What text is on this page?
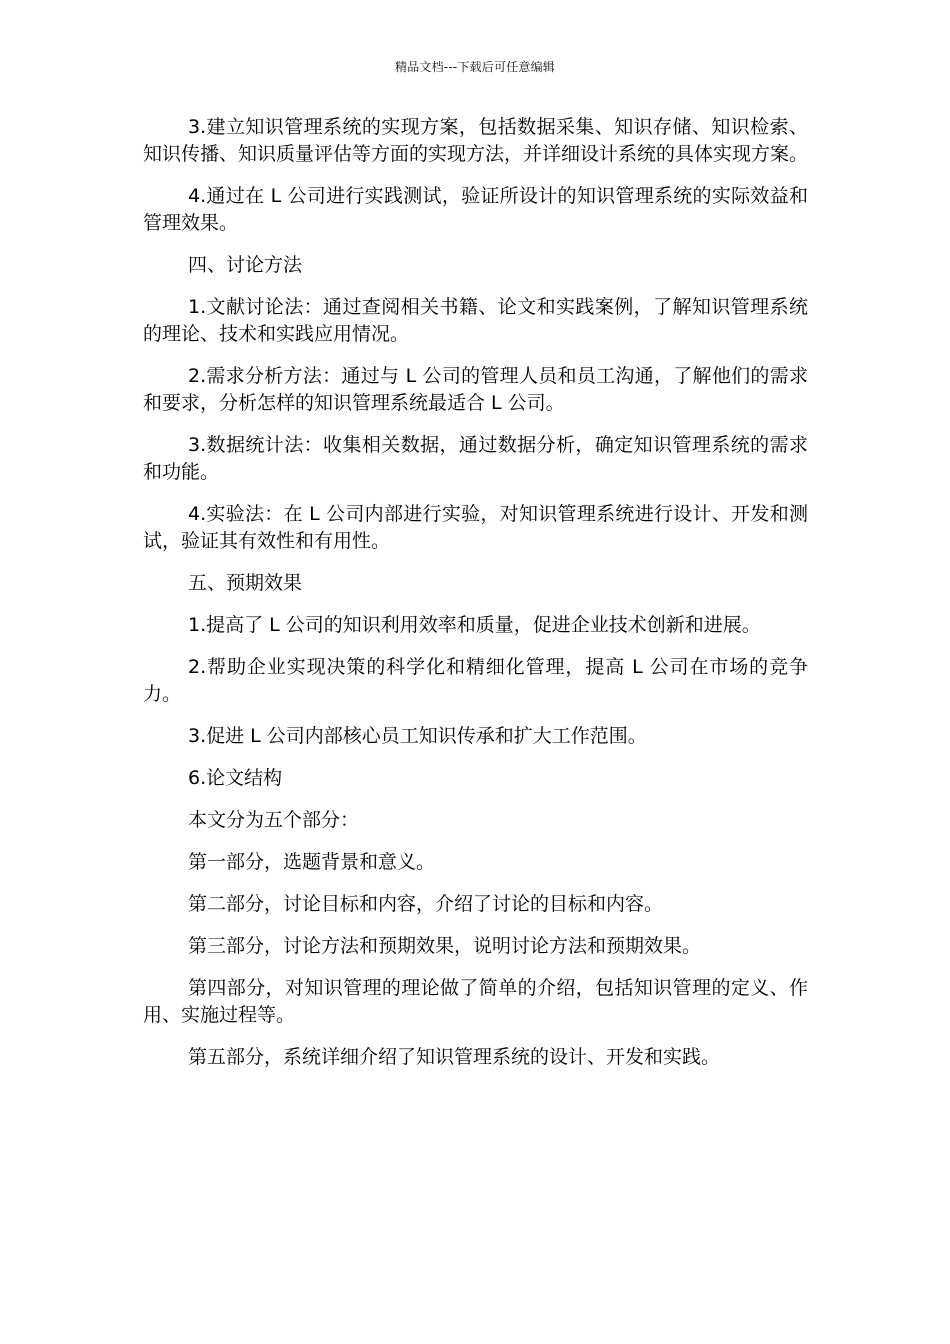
精品文档---下载后可任意编辑

3.建立知识管理系统的实现方案，包括数据采集、知识存储、知识检索、知识传播、知识质量评估等方面的实现方法，并详细设计系统的具体实现方案。

4.通过在 L 公司进行实践测试，验证所设计的知识管理系统的实际效益和管理效果。

四、讨论方法

1.文献讨论法：通过查阅相关书籍、论文和实践案例，了解知识管理系统的理论、技术和实践应用情况。

2.需求分析方法：通过与 L 公司的管理人员和员工沟通，了解他们的需求和要求，分析怎样的知识管理系统最适合 L 公司。

3.数据统计法：收集相关数据，通过数据分析，确定知识管理系统的需求和功能。

4.实验法：在 L 公司内部进行实验，对知识管理系统进行设计、开发和测试，验证其有效性和有用性。

五、预期效果

1.提高了 L 公司的知识利用效率和质量，促进企业技术创新和进展。

2.帮助企业实现决策的科学化和精细化管理，提高 L 公司在市场的竞争力。

3.促进 L 公司内部核心员工知识传承和扩大工作范围。

6.论文结构

本文分为五个部分：

第一部分，选题背景和意义。

第二部分，讨论目标和内容，介绍了讨论的目标和内容。

第三部分，讨论方法和预期效果，说明讨论方法和预期效果。

第四部分，对知识管理的理论做了简单的介绍，包括知识管理的定义、作用、实施过程等。

第五部分，系统详细介绍了知识管理系统的设计、开发和实践。
